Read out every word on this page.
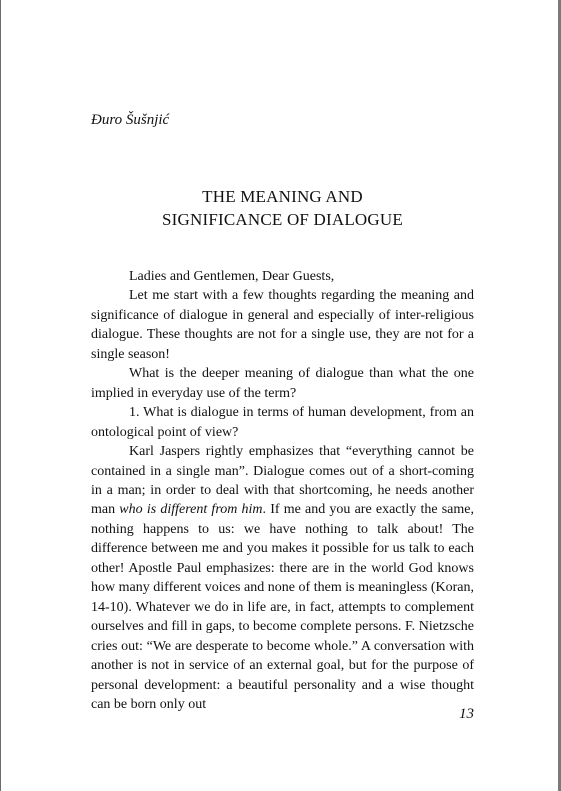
Đuro Šušnjić
THE MEANING AND
SIGNIFICANCE OF DIALOGUE

Ladies and Gentlemen, Dear Guests,

Let me start with a few thoughts regarding the meaning and significance of dialogue in general and especially of inter-religious dialogue. These thoughts are not for a single use, they are not for a single season!

What is the deeper meaning of dialogue than what the one implied in everyday use of the term?

1. What is dialogue in terms of human development, from an ontological point of view?

Karl Jaspers rightly emphasizes that “everything cannot be contained in a single man”. Dialogue comes out of a short-coming in a man; in order to deal with that shortcoming, he needs another man who is different from him. If me and you are exactly the same, nothing happens to us: we have nothing to talk about! The difference between me and you makes it possible for us talk to each other! Apostle Paul emphasizes: there are in the world God knows how many different voices and none of them is meaningless (Koran, 14-10). Whatever we do in life are, in fact, attempts to complement ourselves and fill in gaps, to become complete persons. F. Nietzsche cries out: “We are desperate to become whole.” A conversation with another is not in service of an external goal, but for the purpose of personal development: a beautiful personality and a wise thought can be born only out

13
